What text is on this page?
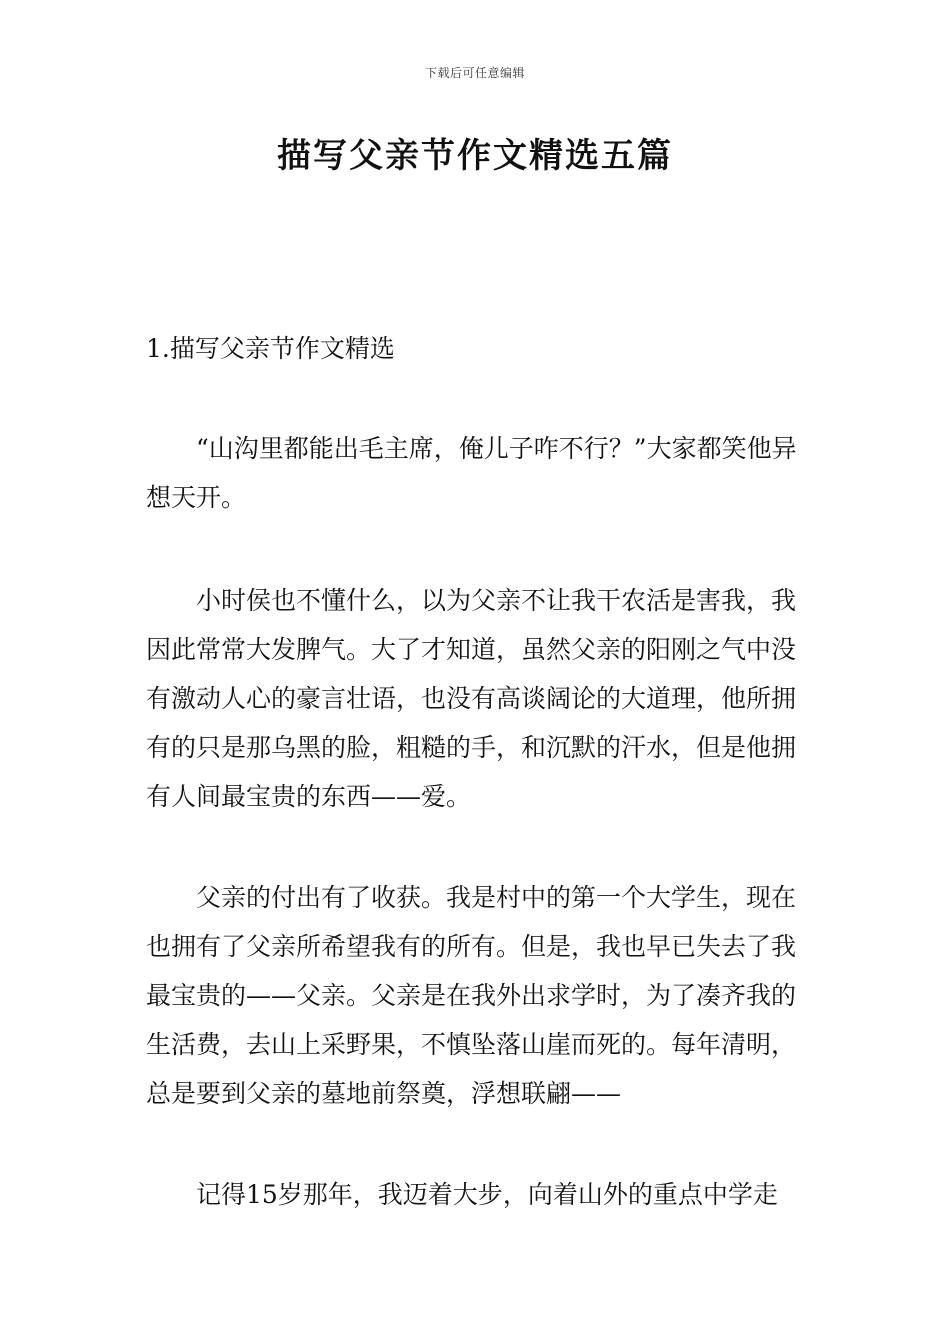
下载后可任意编辑
描写父亲节作文精选五篇
1.描写父亲节作文精选

“山沟里都能出毛主席，俺儿子咋不行？”大家都笑他异想天开。

小时侯也不懂什么，以为父亲不让我干农活是害我，我因此常常大发脾气。大了才知道，虽然父亲的阳刚之气中没有激动人心的豪言壮语，也没有高谈阔论的大道理，他所拥有的只是那乌黑的脸，粗糙的手，和沉默的汗水，但是他拥有人间最宝贵的东西——爱。

父亲的付出有了收获。我是村中的第一个大学生，现在也拥有了父亲所希望我有的所有。但是，我也早已失去了我最宝贵的——父亲。父亲是在我外出求学时，为了凑齐我的生活费，去山上采野果，不慎坠落山崖而死的。每年清明，总是要到父亲的墓地前祭奠，浮想联翩——

记得15岁那年，我迈着大步，向着山外的重点中学走
